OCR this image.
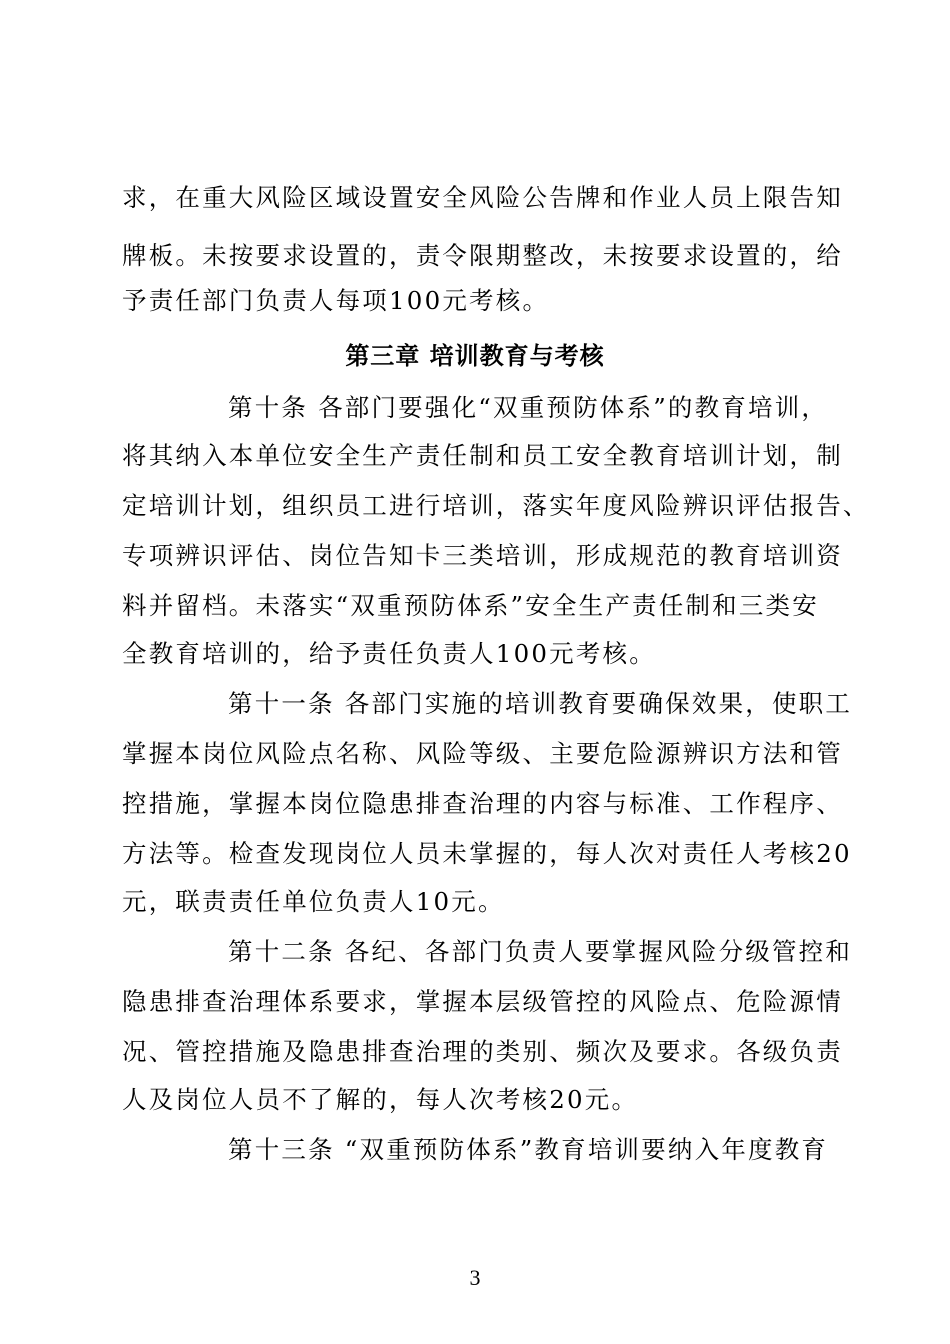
求，在重大风险区域设置安全风险公告牌和作业人员上限告知
牌板。未按要求设置的，责令限期整改，未按要求设置的，给
予责任部门负责人每项100元考核。
第三章 培训教育与考核
第十条 各部门要强化“双重预防体系”的教育培训，
将其纳入本单位安全生产责任制和员工安全教育培训计划，制
定培训计划，组织员工进行培训，落实年度风险辨识评估报告、
专项辨识评估、岗位告知卡三类培训，形成规范的教育培训资
料并留档。未落实“双重预防体系”安全生产责任制和三类安
全教育培训的，给予责任负责人100元考核。
第十一条 各部门实施的培训教育要确保效果，使职工
掌握本岗位风险点名称、风险等级、主要危险源辨识方法和管
控措施，掌握本岗位隐患排查治理的内容与标准、工作程序、
方法等。检查发现岗位人员未掌握的，每人次对责任人考核20
元，联责责任单位负责人10元。
第十二条 各纪、各部门负责人要掌握风险分级管控和
隐患排查治理体系要求，掌握本层级管控的风险点、危险源情
况、管控措施及隐患排查治理的类别、频次及要求。各级负责
人及岗位人员不了解的，每人次考核20元。
第十三条 “双重预防体系”教育培训要纳入年度教育
3
